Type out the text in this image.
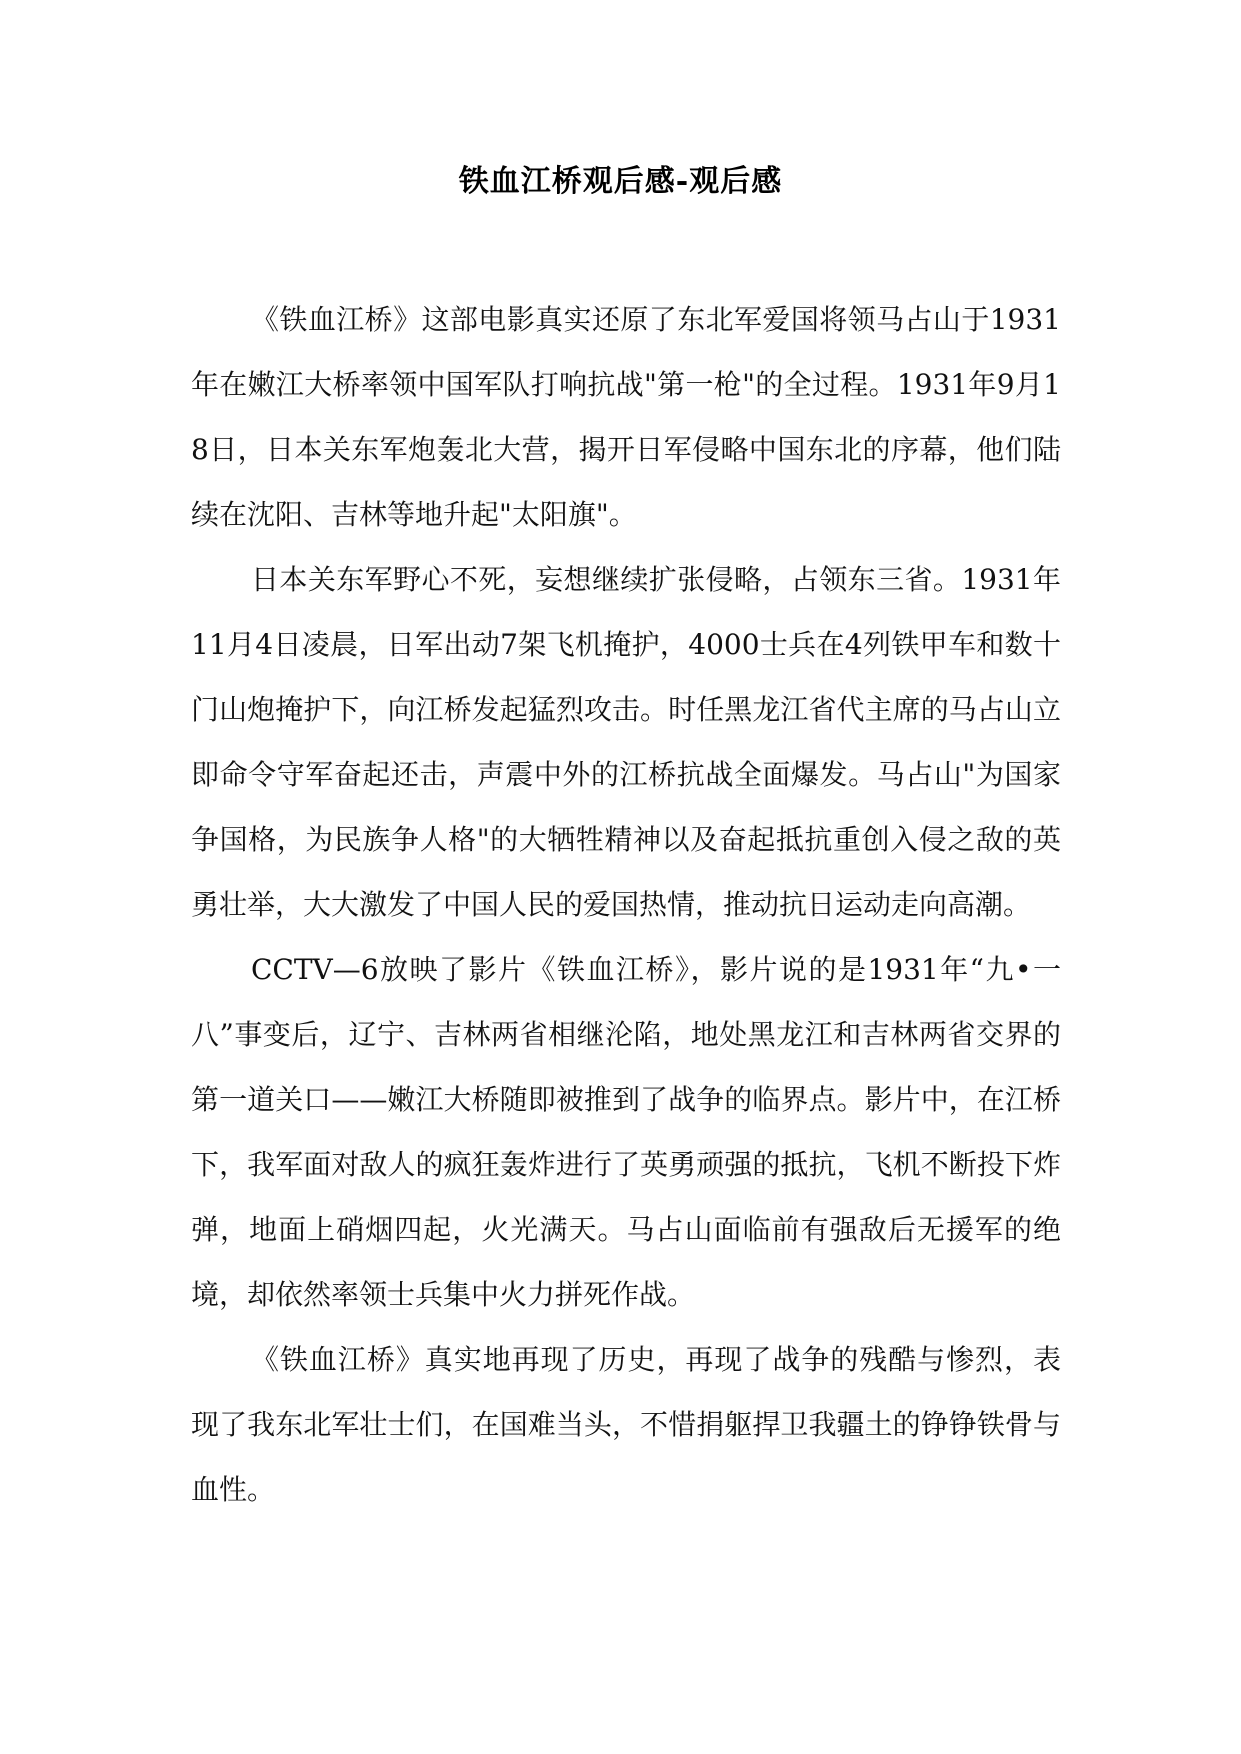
铁血江桥观后感-观后感

《铁血江桥》这部电影真实还原了东北军爱国将领马占山于1931年在嫩江大桥率领中国军队打响抗战"第一枪"的全过程。1931年9月18日，日本关东军炮轰北大营，揭开日军侵略中国东北的序幕，他们陆续在沈阳、吉林等地升起"太阳旗"。

日本关东军野心不死，妄想继续扩张侵略，占领东三省。1931年11月4日凌晨，日军出动7架飞机掩护，4000士兵在4列铁甲车和数十门山炮掩护下，向江桥发起猛烈攻击。时任黑龙江省代主席的马占山立即命令守军奋起还击，声震中外的江桥抗战全面爆发。马占山"为国家争国格，为民族争人格"的大牺牲精神以及奋起抵抗重创入侵之敌的英勇壮举，大大激发了中国人民的爱国热情，推动抗日运动走向高潮。

CCTV—6放映了影片《铁血江桥》，影片说的是1931年“九•一八”事变后，辽宁、吉林两省相继沦陷，地处黑龙江和吉林两省交界的第一道关口——嫩江大桥随即被推到了战争的临界点。影片中，在江桥下，我军面对敌人的疯狂轰炸进行了英勇顽强的抵抗，飞机不断投下炸弹，地面上硝烟四起，火光满天。马占山面临前有强敌后无援军的绝境，却依然率领士兵集中火力拼死作战。

《铁血江桥》真实地再现了历史，再现了战争的残酷与惨烈，表现了我东北军壮士们，在国难当头，不惜捐躯捍卫我疆土的铮铮铁骨与血性。
